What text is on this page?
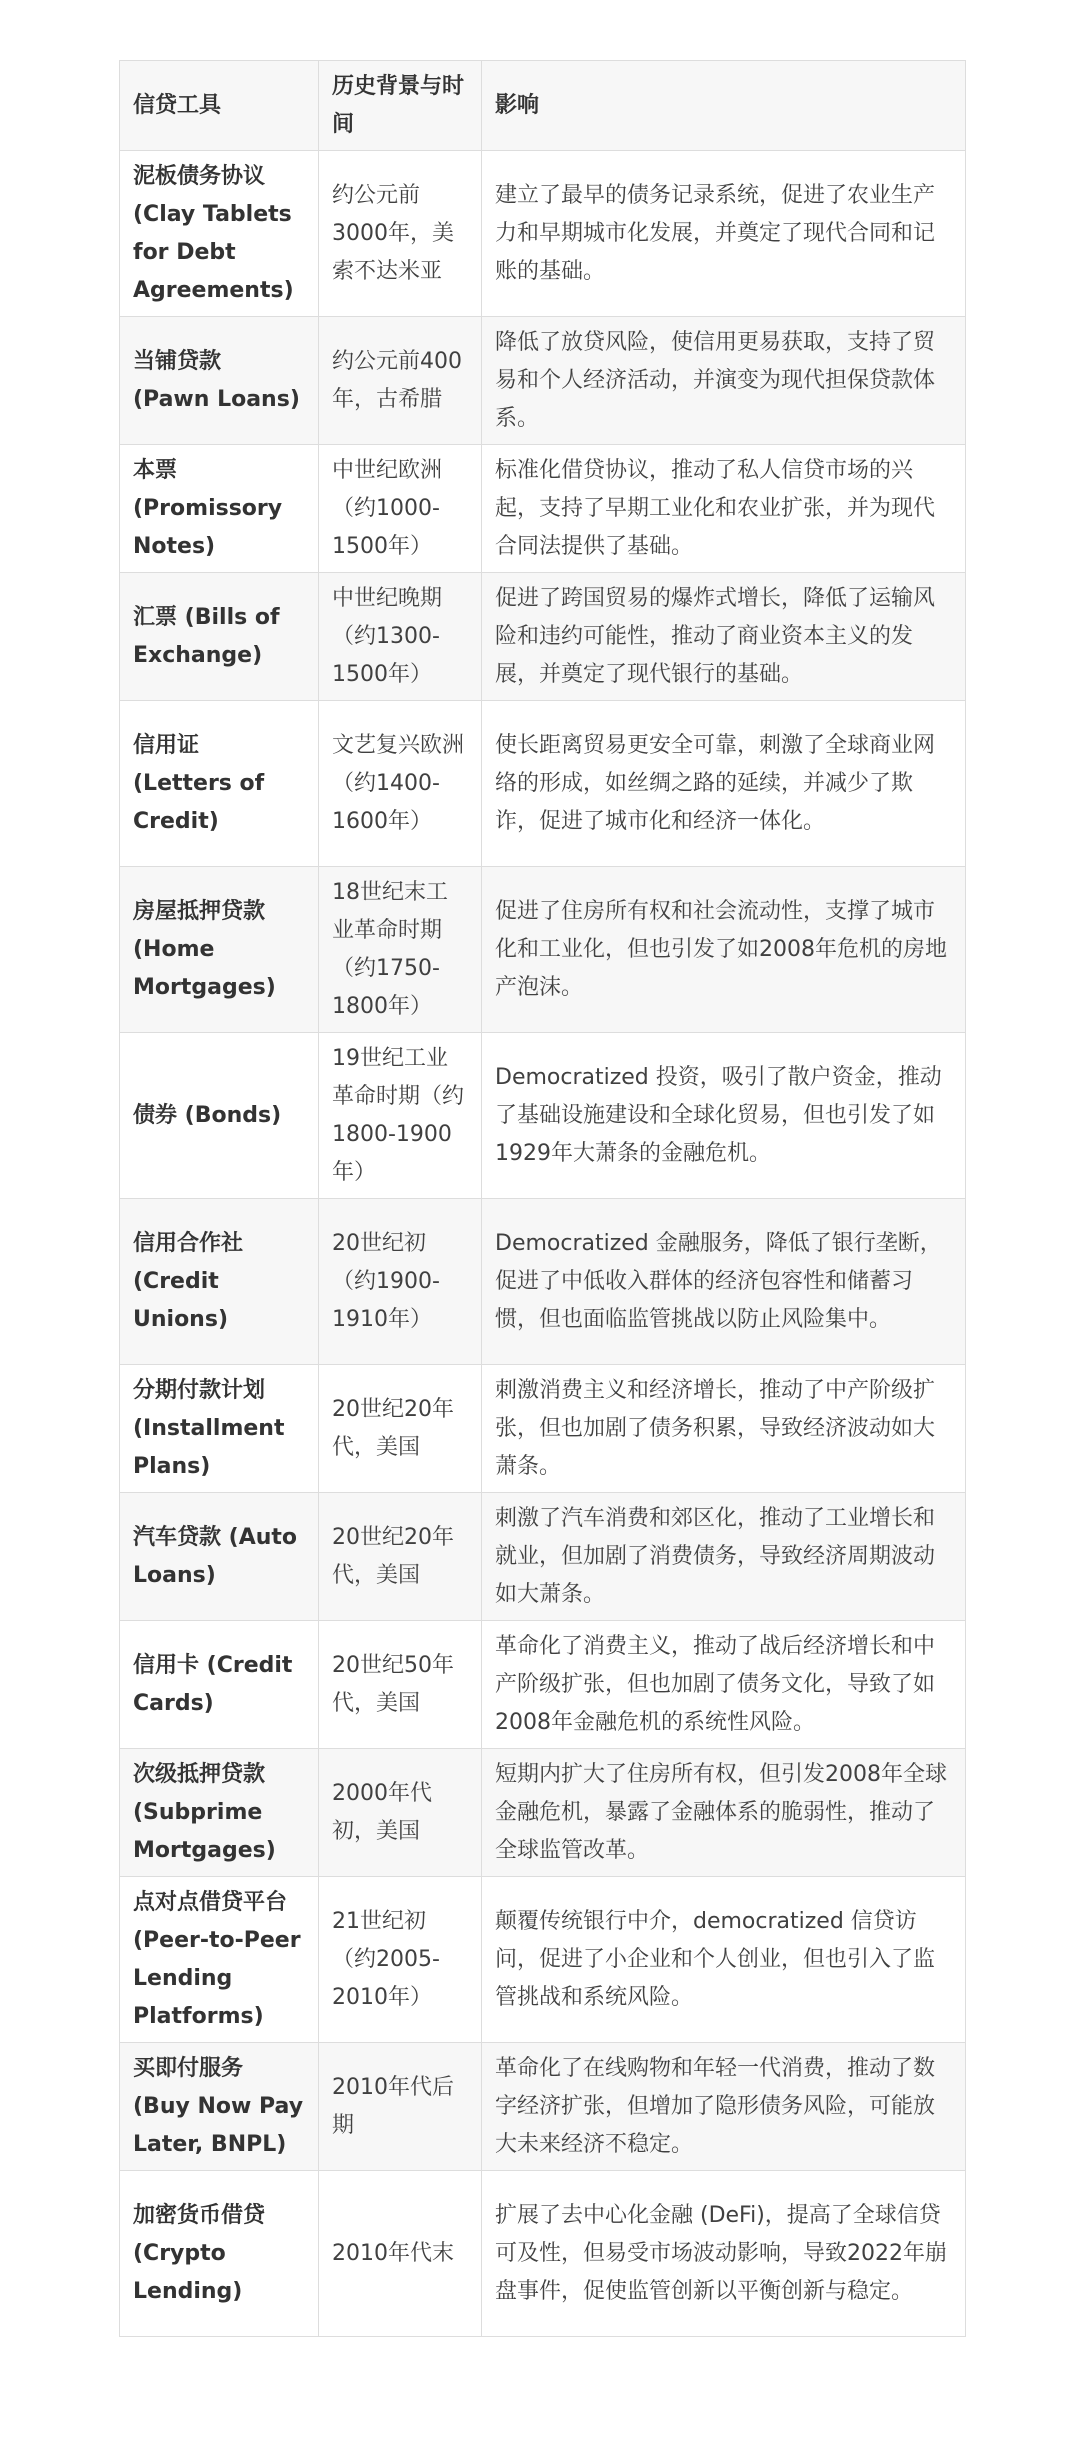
信贷工具	历史背景与时间	影响
泥板债务协议 (Clay Tablets for Debt Agreements)	约公元前3000年，美索不达米亚	建立了最早的债务记录系统，促进了农业生产力和早期城市化发展，并奠定了现代合同和记账的基础。
当铺贷款 (Pawn Loans)	约公元前400年，古希腊	降低了放贷风险，使信用更易获取，支持了贸易和个人经济活动，并演变为现代担保贷款体系。
本票 (Promissory Notes)	中世纪欧洲（约1000-1500年）	标准化借贷协议，推动了私人信贷市场的兴起，支持了早期工业化和农业扩张，并为现代合同法提供了基础。
汇票 (Bills of Exchange)	中世纪晚期（约1300-1500年）	促进了跨国贸易的爆炸式增长，降低了运输风险和违约可能性，推动了商业资本主义的发展，并奠定了现代银行的基础。
信用证 (Letters of Credit)	文艺复兴欧洲（约1400-1600年）	使长距离贸易更安全可靠，刺激了全球商业网络的形成，如丝绸之路的延续，并减少了欺诈，促进了城市化和经济一体化。
房屋抵押贷款 (Home Mortgages)	18世纪末工业革命时期（约1750-1800年）	促进了住房所有权和社会流动性，支撑了城市化和工业化，但也引发了如2008年危机的房地产泡沫。
债券 (Bonds)	19世纪工业革命时期（约1800-1900年）	Democratized 投资，吸引了散户资金，推动了基础设施建设和全球化贸易，但也引发了如1929年大萧条的金融危机。
信用合作社 (Credit Unions)	20世纪初（约1900-1910年）	Democratized 金融服务，降低了银行垄断，促进了中低收入群体的经济包容性和储蓄习惯，但也面临监管挑战以防止风险集中。
分期付款计划 (Installment Plans)	20世纪20年代，美国	刺激消费主义和经济增长，推动了中产阶级扩张，但也加剧了债务积累，导致经济波动如大萧条。
汽车贷款 (Auto Loans)	20世纪20年代，美国	刺激了汽车消费和郊区化，推动了工业增长和就业，但加剧了消费债务，导致经济周期波动如大萧条。
信用卡 (Credit Cards)	20世纪50年代，美国	革命化了消费主义，推动了战后经济增长和中产阶级扩张，但也加剧了债务文化，导致了如2008年金融危机的系统性风险。
次级抵押贷款 (Subprime Mortgages)	2000年代初，美国	短期内扩大了住房所有权，但引发2008年全球金融危机，暴露了金融体系的脆弱性，推动了全球监管改革。
点对点借贷平台 (Peer-to-Peer Lending Platforms)	21世纪初（约2005-2010年）	颠覆传统银行中介，democratized 信贷访问，促进了小企业和个人创业，但也引入了监管挑战和系统风险。
买即付服务 (Buy Now Pay Later, BNPL)	2010年代后期	革命化了在线购物和年轻一代消费，推动了数字经济扩张，但增加了隐形债务风险，可能放大未来经济不稳定。
加密货币借贷 (Crypto Lending)	2010年代末	扩展了去中心化金融 (DeFi)，提高了全球信贷可及性，但易受市场波动影响，导致2022年崩盘事件，促使监管创新以平衡创新与稳定。
